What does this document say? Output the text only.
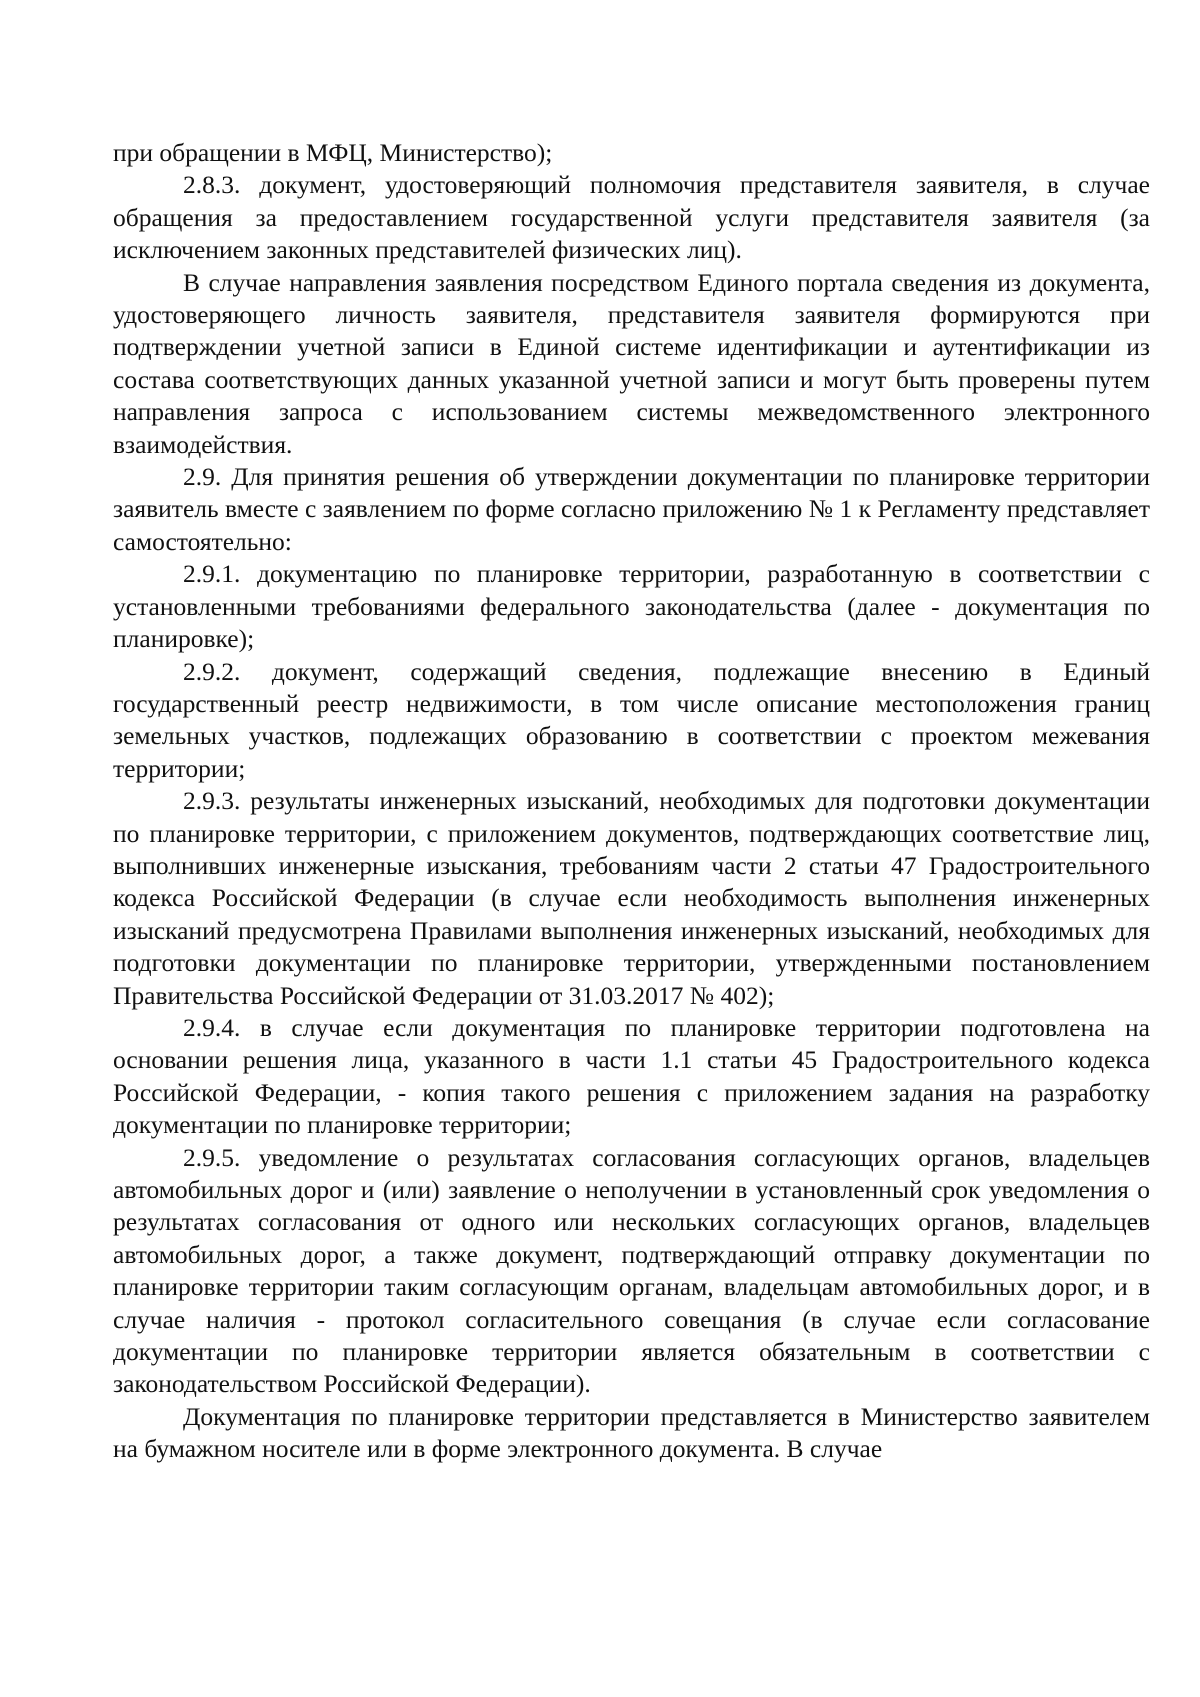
при обращении в МФЦ, Министерство);

2.8.3. документ, удостоверяющий полномочия представителя заявителя, в случае обращения за предоставлением государственной услуги представителя заявителя (за исключением законных представителей физических лиц).

В случае направления заявления посредством Единого портала сведения из документа, удостоверяющего личность заявителя, представителя заявителя формируются при подтверждении учетной записи в Единой системе идентификации и аутентификации из состава соответствующих данных указанной учетной записи и могут быть проверены путем направления запроса с использованием системы межведомственного электронного взаимодействия.

2.9. Для принятия решения об утверждении документации по планировке территории заявитель вместе с заявлением по форме согласно приложению № 1 к Регламенту представляет самостоятельно:

2.9.1. документацию по планировке территории, разработанную в соответствии с установленными требованиями федерального законодательства (далее - документация по планировке);

2.9.2. документ, содержащий сведения, подлежащие внесению в Единый государственный реестр недвижимости, в том числе описание местоположения границ земельных участков, подлежащих образованию в соответствии с проектом межевания территории;

2.9.3. результаты инженерных изысканий, необходимых для подготовки документации по планировке территории, с приложением документов, подтверждающих соответствие лиц, выполнивших инженерные изыскания, требованиям части 2 статьи 47 Градостроительного кодекса Российской Федерации (в случае если необходимость выполнения инженерных изысканий предусмотрена Правилами выполнения инженерных изысканий, необходимых для подготовки документации по планировке территории, утвержденными постановлением Правительства Российской Федерации от 31.03.2017 № 402);

2.9.4. в случае если документация по планировке территории подготовлена на основании решения лица, указанного в части 1.1 статьи 45 Градостроительного кодекса Российской Федерации, - копия такого решения с приложением задания на разработку документации по планировке территории;

2.9.5. уведомление о результатах согласования согласующих органов, владельцев автомобильных дорог и (или) заявление о неполучении в установленный срок уведомления о результатах согласования от одного или нескольких согласующих органов, владельцев автомобильных дорог, а также документ, подтверждающий отправку документации по планировке территории таким согласующим органам, владельцам автомобильных дорог, и в случае наличия - протокол согласительного совещания (в случае если согласование документации по планировке территории является обязательным в соответствии с законодательством Российской Федерации).

Документация по планировке территории представляется в Министерство заявителем на бумажном носителе или в форме электронного документа. В случае
